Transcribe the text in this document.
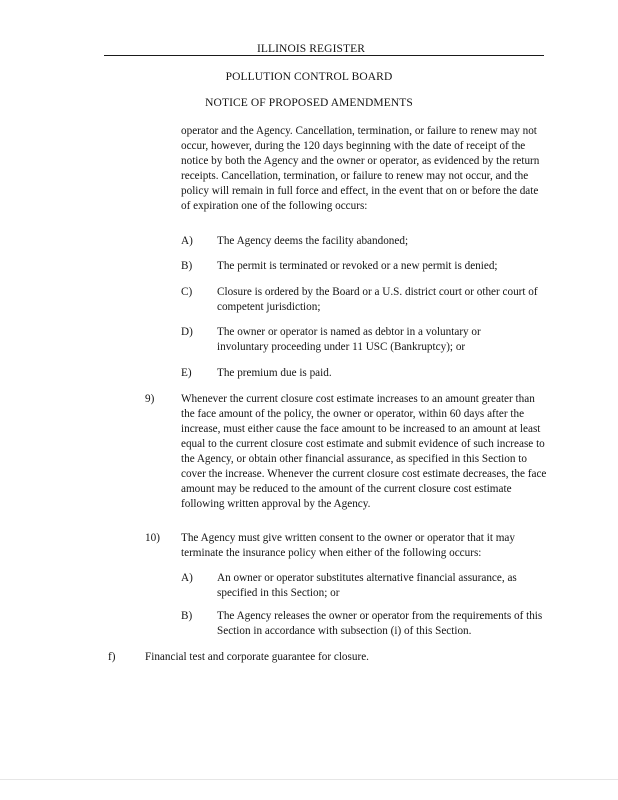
ILLINOIS REGISTER
POLLUTION CONTROL BOARD
NOTICE OF PROPOSED AMENDMENTS

operator and the Agency. Cancellation, termination, or failure to renew may not occur, however, during the 120 days beginning with the date of receipt of the notice by both the Agency and the owner or operator, as evidenced by the return receipts. Cancellation, termination, or failure to renew may not occur, and the policy will remain in full force and effect, in the event that on or before the date of expiration one of the following occurs:

A) The Agency deems the facility abandoned;

B) The permit is terminated or revoked or a new permit is denied;

C) Closure is ordered by the Board or a U.S. district court or other court of competent jurisdiction;

D) The owner or operator is named as debtor in a voluntary or involuntary proceeding under 11 USC (Bankruptcy); or

E) The premium due is paid.

9) Whenever the current closure cost estimate increases to an amount greater than the face amount of the policy, the owner or operator, within 60 days after the increase, must either cause the face amount to be increased to an amount at least equal to the current closure cost estimate and submit evidence of such increase to the Agency, or obtain other financial assurance, as specified in this Section to cover the increase. Whenever the current closure cost estimate decreases, the face amount may be reduced to the amount of the current closure cost estimate following written approval by the Agency.

10) The Agency must give written consent to the owner or operator that it may terminate the insurance policy when either of the following occurs:

A) An owner or operator substitutes alternative financial assurance, as specified in this Section; or

B) The Agency releases the owner or operator from the requirements of this Section in accordance with subsection (i) of this Section.

f)	Financial test and corporate guarantee for closure.
